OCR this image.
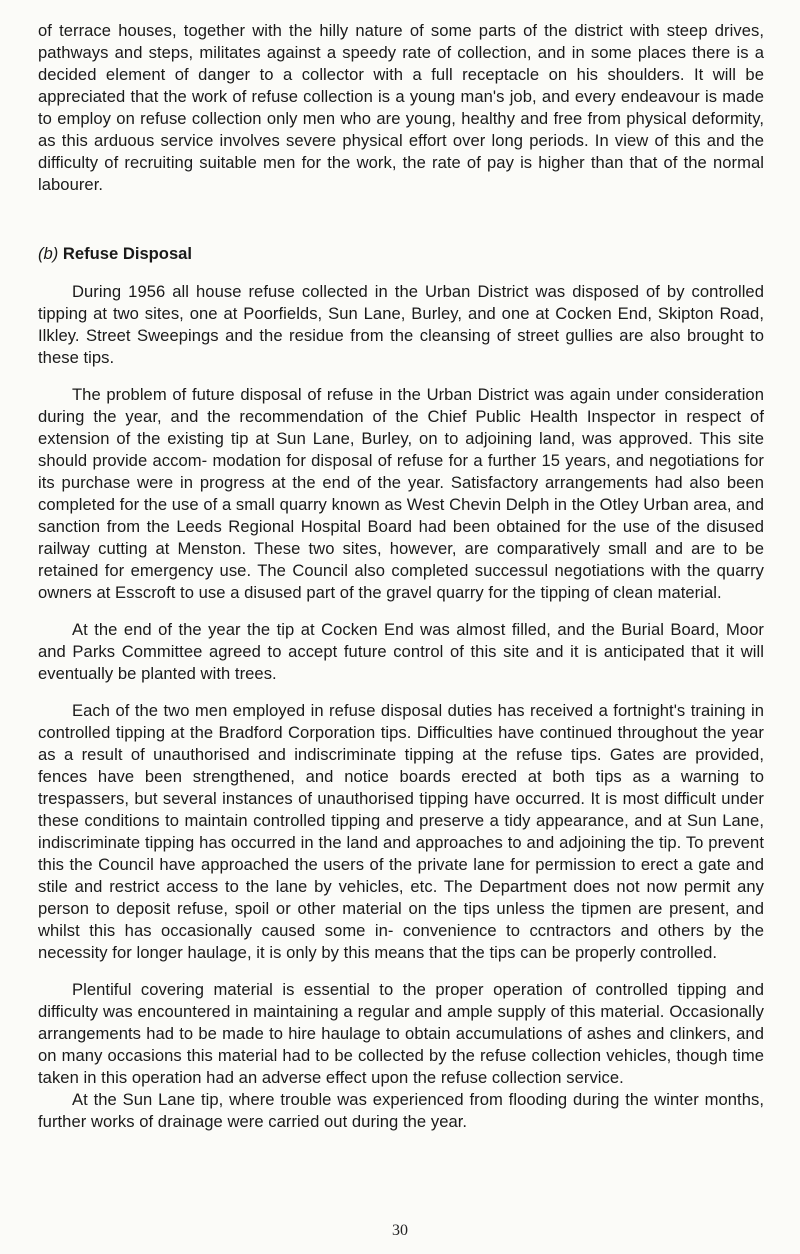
of terrace houses, together with the hilly nature of some parts of the district with steep drives, pathways and steps, militates against a speedy rate of collection, and in some places there is a decided element of danger to a collector with a full receptacle on his shoulders. It will be appreciated that the work of refuse collection is a young man's job, and every endeavour is made to employ on refuse collection only men who are young, healthy and free from physical deformity, as this arduous service involves severe physical effort over long periods. In view of this and the difficulty of recruiting suitable men for the work, the rate of pay is higher than that of the normal labourer.

(b) Refuse Disposal

During 1956 all house refuse collected in the Urban District was disposed of by controlled tipping at two sites, one at Poorfields, Sun Lane, Burley, and one at Cocken End, Skipton Road, Ilkley. Street Sweepings and the residue from the cleansing of street gullies are also brought to these tips.

The problem of future disposal of refuse in the Urban District was again under consideration during the year, and the recommendation of the Chief Public Health Inspector in respect of extension of the existing tip at Sun Lane, Burley, on to adjoining land, was approved. This site should provide accom- modation for disposal of refuse for a further 15 years, and negotiations for its purchase were in progress at the end of the year. Satisfactory arrangements had also been completed for the use of a small quarry known as West Chevin Delph in the Otley Urban area, and sanction from the Leeds Regional Hospital Board had been obtained for the use of the disused railway cutting at Menston. These two sites, however, are comparatively small and are to be retained for emergency use. The Council also completed successul negotiations with the quarry owners at Esscroft to use a disused part of the gravel quarry for the tipping of clean material.

At the end of the year the tip at Cocken End was almost filled, and the Burial Board, Moor and Parks Committee agreed to accept future control of this site and it is anticipated that it will eventually be planted with trees.

Each of the two men employed in refuse disposal duties has received a fortnight's training in controlled tipping at the Bradford Corporation tips. Difficulties have continued throughout the year as a result of unauthorised and indiscriminate tipping at the refuse tips. Gates are provided, fences have been strengthened, and notice boards erected at both tips as a warning to trespassers, but several instances of unauthorised tipping have occurred. It is most difficult under these conditions to maintain controlled tipping and preserve a tidy appearance, and at Sun Lane, indiscriminate tipping has occurred in the land and approaches to and adjoining the tip. To prevent this the Council have approached the users of the private lane for permission to erect a gate and stile and restrict access to the lane by vehicles, etc. The Department does not now permit any person to deposit refuse, spoil or other material on the tips unless the tipmen are present, and whilst this has occasionally caused some in- convenience to ccntractors and others by the necessity for longer haulage, it is only by this means that the tips can be properly controlled.

Plentiful covering material is essential to the proper operation of controlled tipping and difficulty was encountered in maintaining a regular and ample supply of this material. Occasionally arrangements had to be made to hire haulage to obtain accumulations of ashes and clinkers, and on many occasions this material had to be collected by the refuse collection vehicles, though time taken in this operation had an adverse effect upon the refuse collection service.

At the Sun Lane tip, where trouble was experienced from flooding during the winter months, further works of drainage were carried out during the year.

30
